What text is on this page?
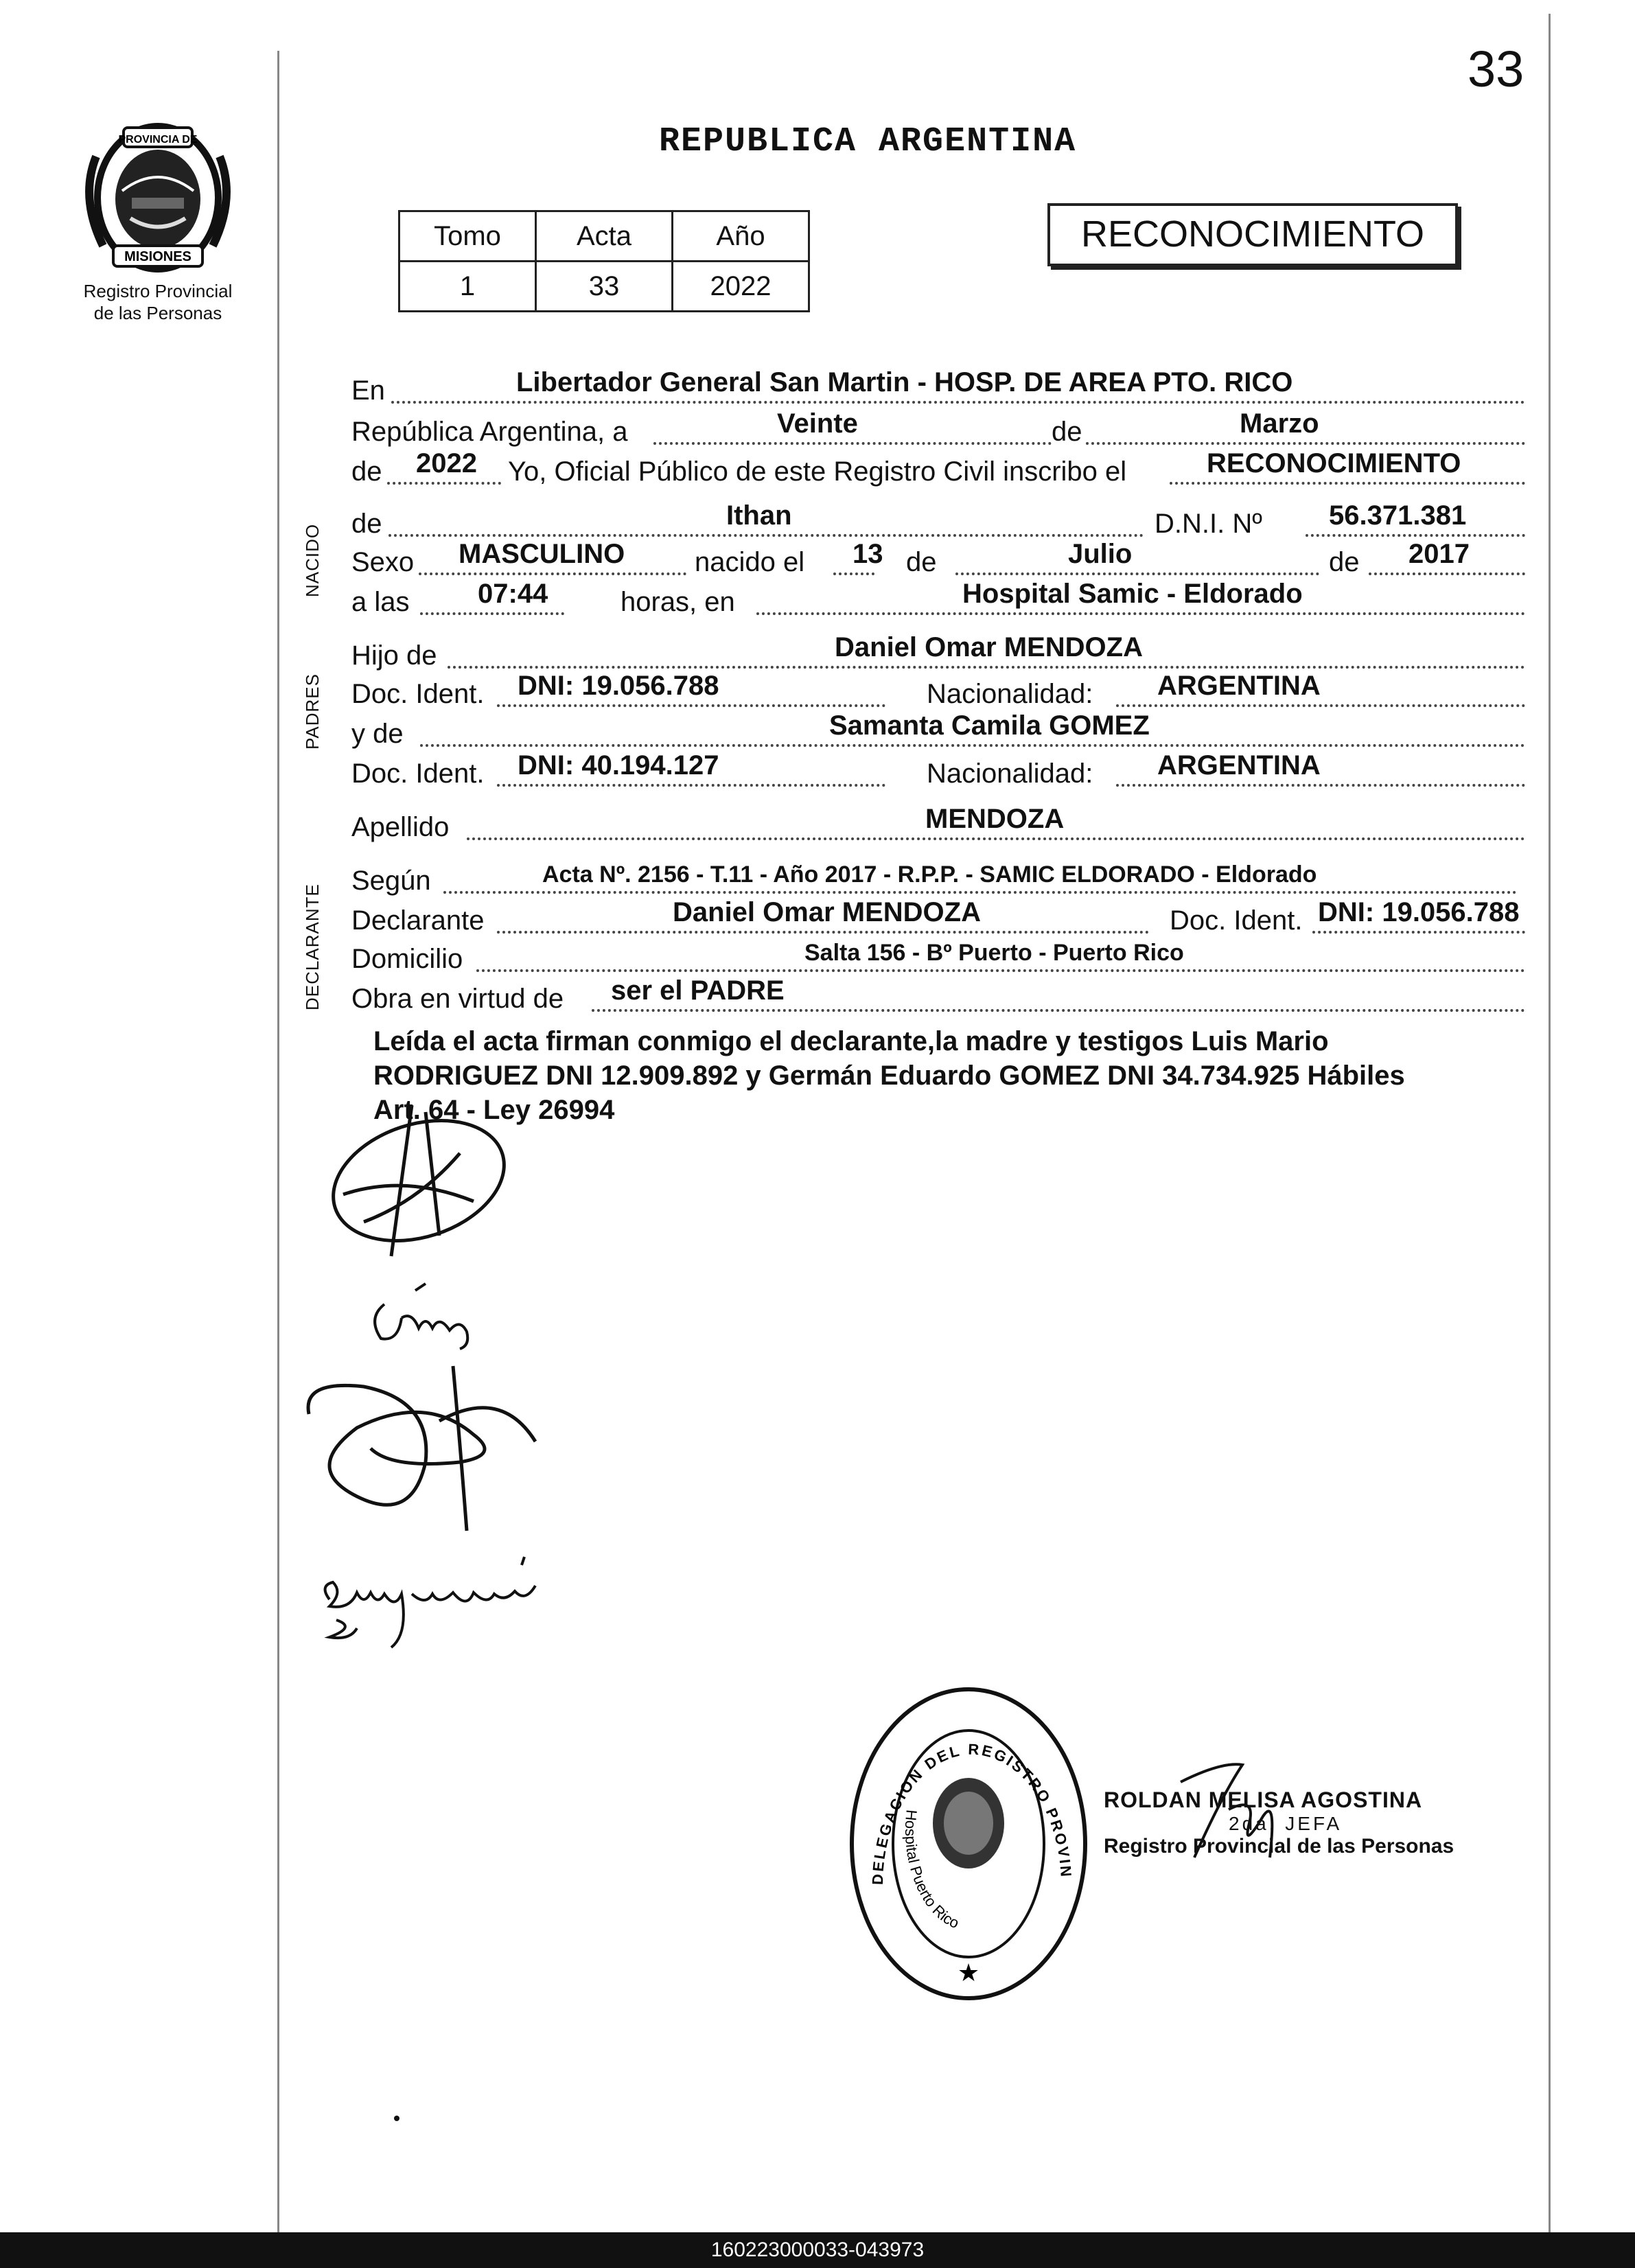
33
PROVINCIA DE
MISIONES
Registro Provincial
de las Personas
REPUBLICA ARGENTINA
Tomo	Acta	Año
1	33	2022
RECONOCIMIENTO
NACIDO
PADRES
DECLARANTE
En	Libertador General San Martin - HOSP. DE AREA PTO. RICO
República Argentina, a	Veinte	de	Marzo
de 2022 Yo, Oficial Público de este Registro Civil inscribo el	RECONOCIMIENTO
de	Ithan	D.N.I. Nº 56.371.381
Sexo MASCULINO	nacido el 13 de	Julio	de 2017
a las 07:44	horas, en	Hospital Samic - Eldorado
Hijo de	Daniel Omar MENDOZA
Doc. Ident. DNI: 19.056.788	Nacionalidad: ARGENTINA
y de	Samanta Camila GOMEZ
Doc. Ident. DNI: 40.194.127	Nacionalidad: ARGENTINA
Apellido	MENDOZA
Según	Acta Nº. 2156 - T.11 - Año 2017 - R.P.P. - SAMIC ELDORADO - Eldorado
Declarante	Daniel Omar MENDOZA	Doc. Ident. DNI: 19.056.788
Domicilio	Salta 156 - Bº Puerto - Puerto Rico
Obra en virtud de ser el PADRE
Leída el acta firman conmigo el declarante,la madre y testigos Luis Mario
RODRIGUEZ DNI 12.909.892 y Germán Eduardo GOMEZ DNI 34.734.925 Hábiles
Art. 64 - Ley 26994
DELEGACION DEL REGISTRO PROVIN
Hospital Puerto Rico
★
ROLDAN MELISA AGOSTINA
2da. JEFA
Registro Provincial de las Personas
160223000033-043973
